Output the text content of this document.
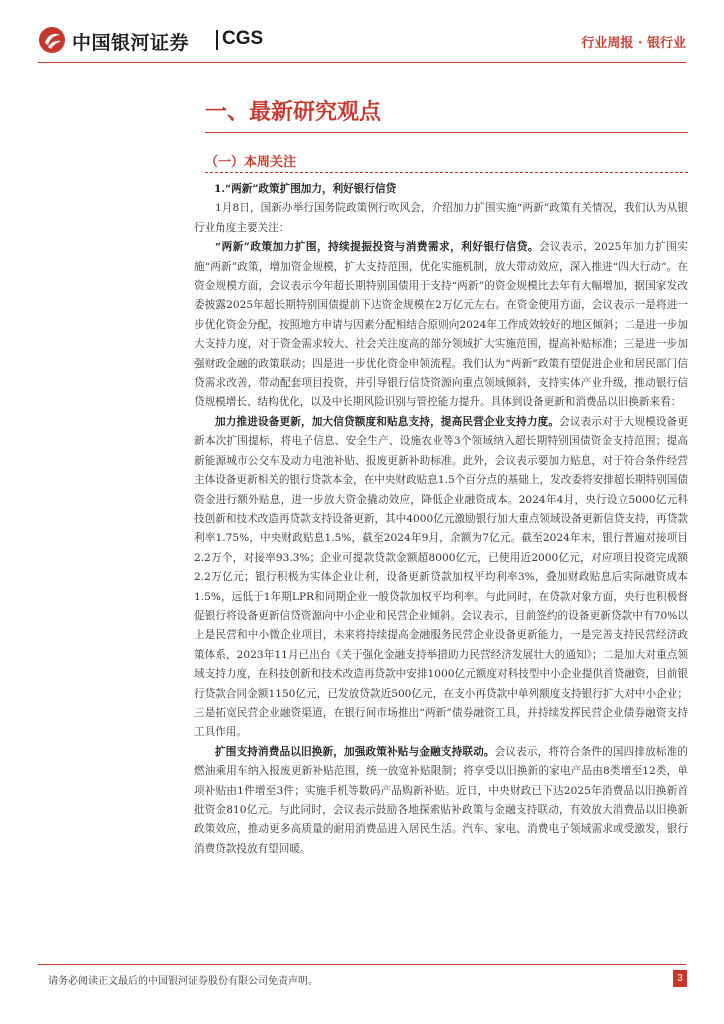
中国银河证券 CGS	行业周报 · 银行业
一、最新研究观点
（一）本周关注

1.“两新”政策扩围加力，利好银行信贷

1月8日，国新办举行国务院政策例行吹风会，介绍加力扩围实施“两新”政策有关情况，我们认为从银行业角度主要关注：

“两新”政策加力扩围，持续提振投资与消费需求，利好银行信贷。会议表示，2025年加力扩围实施“两新”政策，增加资金规模，扩大支持范围，优化实施机制，放大带动效应，深入推进“四大行动”。在资金规模方面，会议表示今年超长期特别国债用于支持“两新”的资金规模比去年有大幅增加，据国家发改委披露2025年超长期特别国债提前下达资金规模在2万亿元左右。在资金使用方面，会议表示一是将进一步优化资金分配，按照地方申请与因素分配相结合原则向2024年工作成效较好的地区倾斜；二是进一步加大支持力度，对于资金需求较大、社会关注度高的部分领域扩大实施范围，提高补贴标准；三是进一步加强财政金融的政策联动；四是进一步优化资金申领流程。我们认为“两新”政策有望促进企业和居民部门信贷需求改善，带动配套项目投资，并引导银行信贷资源向重点领域倾斜，支持实体产业升级，推动银行信贷规模增长、结构优化，以及中长期风险识别与管控能力提升。具体到设备更新和消费品以旧换新来看：

加力推进设备更新，加大信贷额度和贴息支持，提高民营企业支持力度。会议表示对于大规模设备更新本次扩围提标，将电子信息、安全生产、设施农业等3个领域纳入超长期特别国债资金支持范围；提高新能源城市公交车及动力电池补贴、报废更新补助标准。此外，会议表示要加力贴息，对于符合条件经营主体设备更新相关的银行贷款本金，在中央财政贴息1.5个百分点的基础上，发改委将安排超长期特别国债资金进行额外贴息，进一步放大资金撬动效应，降低企业融资成本。2024年4月，央行设立5000亿元科技创新和技术改造再贷款支持设备更新，其中4000亿元激励银行加大重点领域设备更新信贷支持，再贷款利率1.75%，中央财政贴息1.5%，截至2024年9月，余额为7亿元。截至2024年末，银行普遍对接项目2.2万个，对接率93.3%；企业可提款贷款金额超8000亿元，已使用近2000亿元，对应项目投资完成额2.2万亿元；银行积极为实体企业让利，设备更新贷款加权平均利率3%，叠加财政贴息后实际融资成本1.5%，远低于1年期LPR和同期企业一般贷款加权平均利率。与此同时，在贷款对象方面，央行也积极督促银行将设备更新信贷资源向中小企业和民营企业倾斜。会议表示，目前签约的设备更新贷款中有70%以上是民营和中小微企业项目，未来将持续提高金融服务民营企业设备更新能力，一是完善支持民营经济政策体系，2023年11月已出台《关于强化金融支持举措助力民营经济发展壮大的通知》；二是加大对重点领域支持力度，在科技创新和技术改造再贷款中安排1000亿元额度对科技型中小企业提供首贷融资，目前银行贷款合同金额1150亿元，已发放贷款近500亿元，在支小再贷款中单列额度支持银行扩大对中小企业；三是拓宽民营企业融资渠道，在银行间市场推出“两新”债券融资工具，并持续发挥民营企业债券融资支持工具作用。

扩围支持消费品以旧换新，加强政策补贴与金融支持联动。会议表示，将符合条件的国四排放标准的燃油乘用车纳入报废更新补贴范围，统一放宽补贴限制；将享受以旧换新的家电产品由8类增至12类，单项补贴由1件增至3件；实施手机等数码产品购新补贴。近日，中央财政已下达2025年消费品以旧换新首批资金810亿元。与此同时，会议表示鼓励各地探索贴补政策与金融支持联动，有效放大消费品以旧换新政策效应，推动更多高质量的耐用消费品进入居民生活。汽车、家电、消费电子领域需求或受激发，银行消费贷款投放有望回暖。

请务必阅读正文最后的中国银河证券股份有限公司免责声明。	3
